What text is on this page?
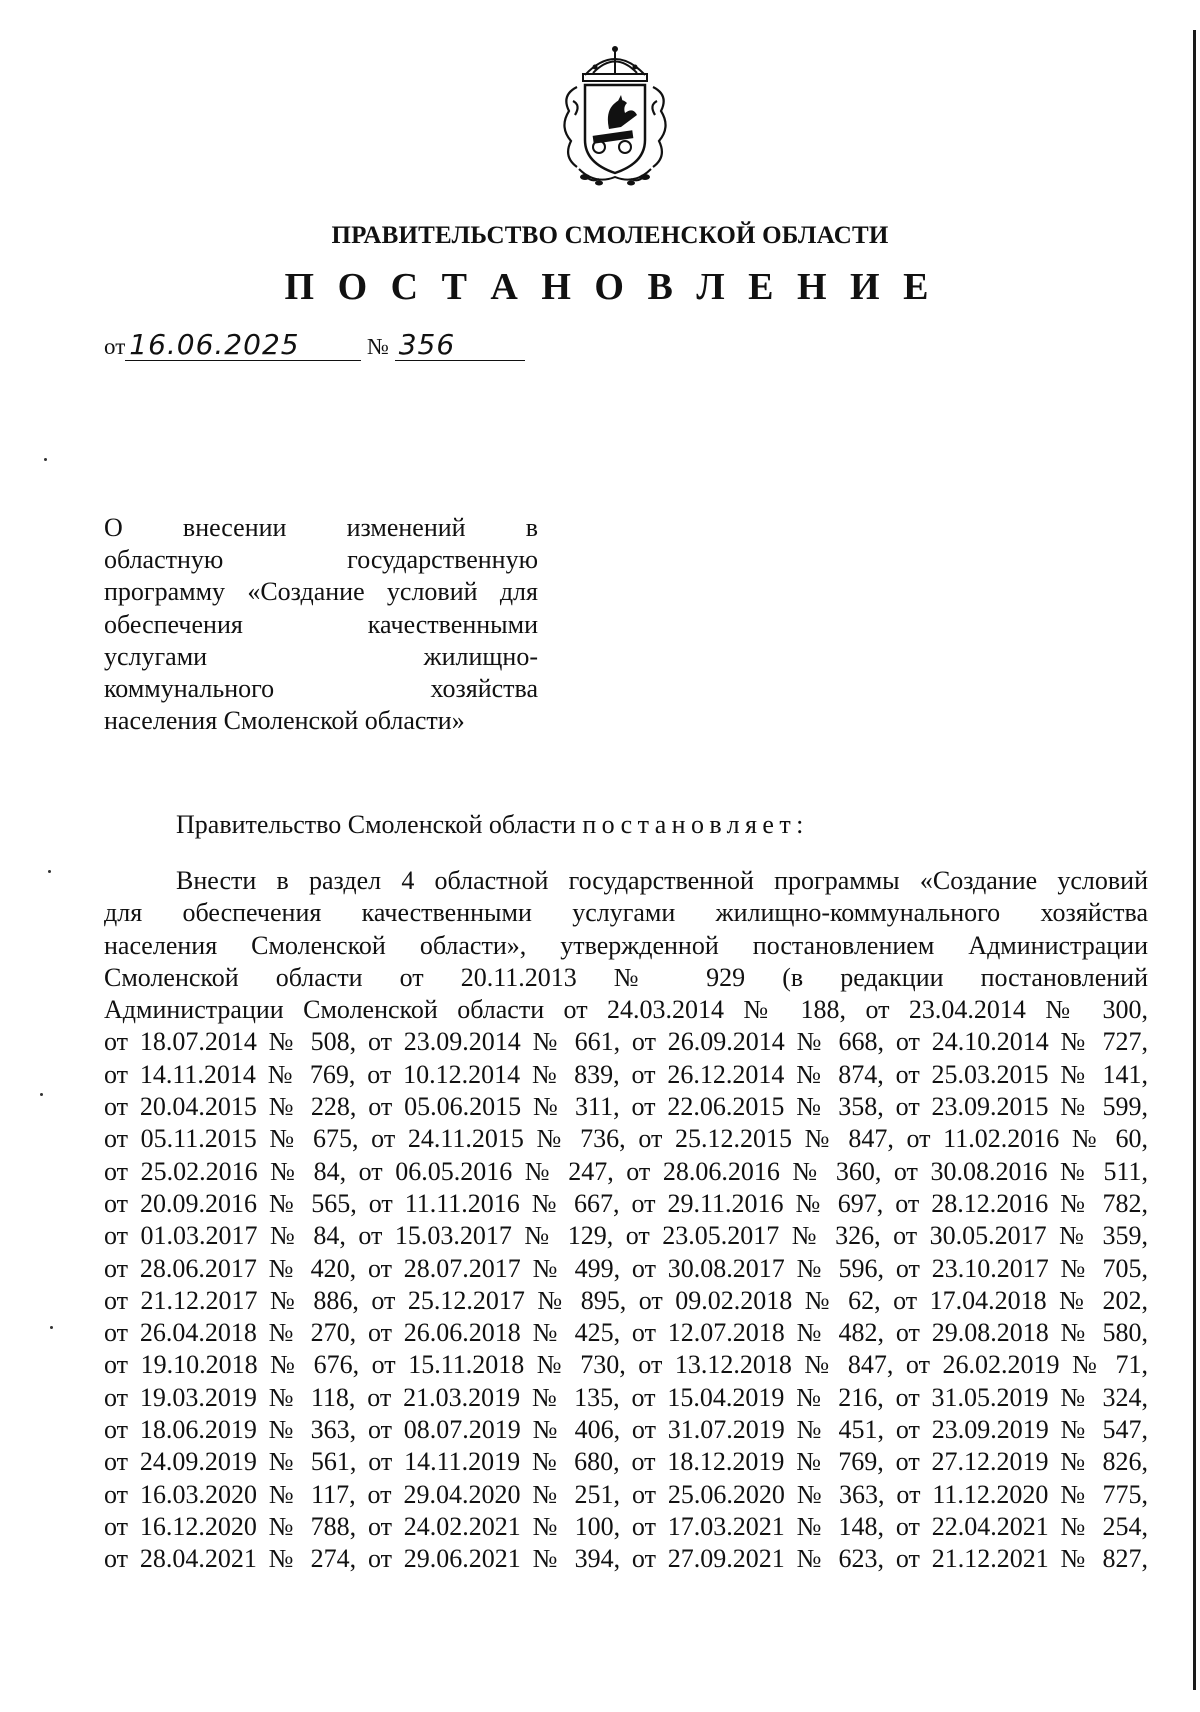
ПРАВИТЕЛЬСТВО СМОЛЕНСКОЙ ОБЛАСТИ
П О С Т А Н О В Л Е Н И Е
от 16.06.2025	№ 356
О внесении изменений в
областную государственную
программу «Создание условий для
обеспечения качественными
услугами жилищно-
коммунального хозяйства
населения Смоленской области»
Правительство Смоленской области постановляет:
Внести в раздел 4 областной государственной программы «Создание условий
для обеспечения качественными услугами жилищно-коммунального хозяйства
населения Смоленской области», утвержденной постановлением Администрации
Смоленской области от 20.11.2013 № 929 (в редакции постановлений
Администрации Смоленской области от 24.03.2014 № 188, от 23.04.2014 № 300,
от 18.07.2014 № 508, от 23.09.2014 № 661, от 26.09.2014 № 668, от 24.10.2014 № 727,
от 14.11.2014 № 769, от 10.12.2014 № 839, от 26.12.2014 № 874, от 25.03.2015 № 141,
от 20.04.2015 № 228, от 05.06.2015 № 311, от 22.06.2015 № 358, от 23.09.2015 № 599,
от 05.11.2015 № 675, от 24.11.2015 № 736, от 25.12.2015 № 847, от 11.02.2016 № 60,
от 25.02.2016 № 84, от 06.05.2016 № 247, от 28.06.2016 № 360, от 30.08.2016 № 511,
от 20.09.2016 № 565, от 11.11.2016 № 667, от 29.11.2016 № 697, от 28.12.2016 № 782,
от 01.03.2017 № 84, от 15.03.2017 № 129, от 23.05.2017 № 326, от 30.05.2017 № 359,
от 28.06.2017 № 420, от 28.07.2017 № 499, от 30.08.2017 № 596, от 23.10.2017 № 705,
от 21.12.2017 № 886, от 25.12.2017 № 895, от 09.02.2018 № 62, от 17.04.2018 № 202,
от 26.04.2018 № 270, от 26.06.2018 № 425, от 12.07.2018 № 482, от 29.08.2018 № 580,
от 19.10.2018 № 676, от 15.11.2018 № 730, от 13.12.2018 № 847, от 26.02.2019 № 71,
от 19.03.2019 № 118, от 21.03.2019 № 135, от 15.04.2019 № 216, от 31.05.2019 № 324,
от 18.06.2019 № 363, от 08.07.2019 № 406, от 31.07.2019 № 451, от 23.09.2019 № 547,
от 24.09.2019 № 561, от 14.11.2019 № 680, от 18.12.2019 № 769, от 27.12.2019 № 826,
от 16.03.2020 № 117, от 29.04.2020 № 251, от 25.06.2020 № 363, от 11.12.2020 № 775,
от 16.12.2020 № 788, от 24.02.2021 № 100, от 17.03.2021 № 148, от 22.04.2021 № 254,
от 28.04.2021 № 274, от 29.06.2021 № 394, от 27.09.2021 № 623, от 21.12.2021 № 827,
